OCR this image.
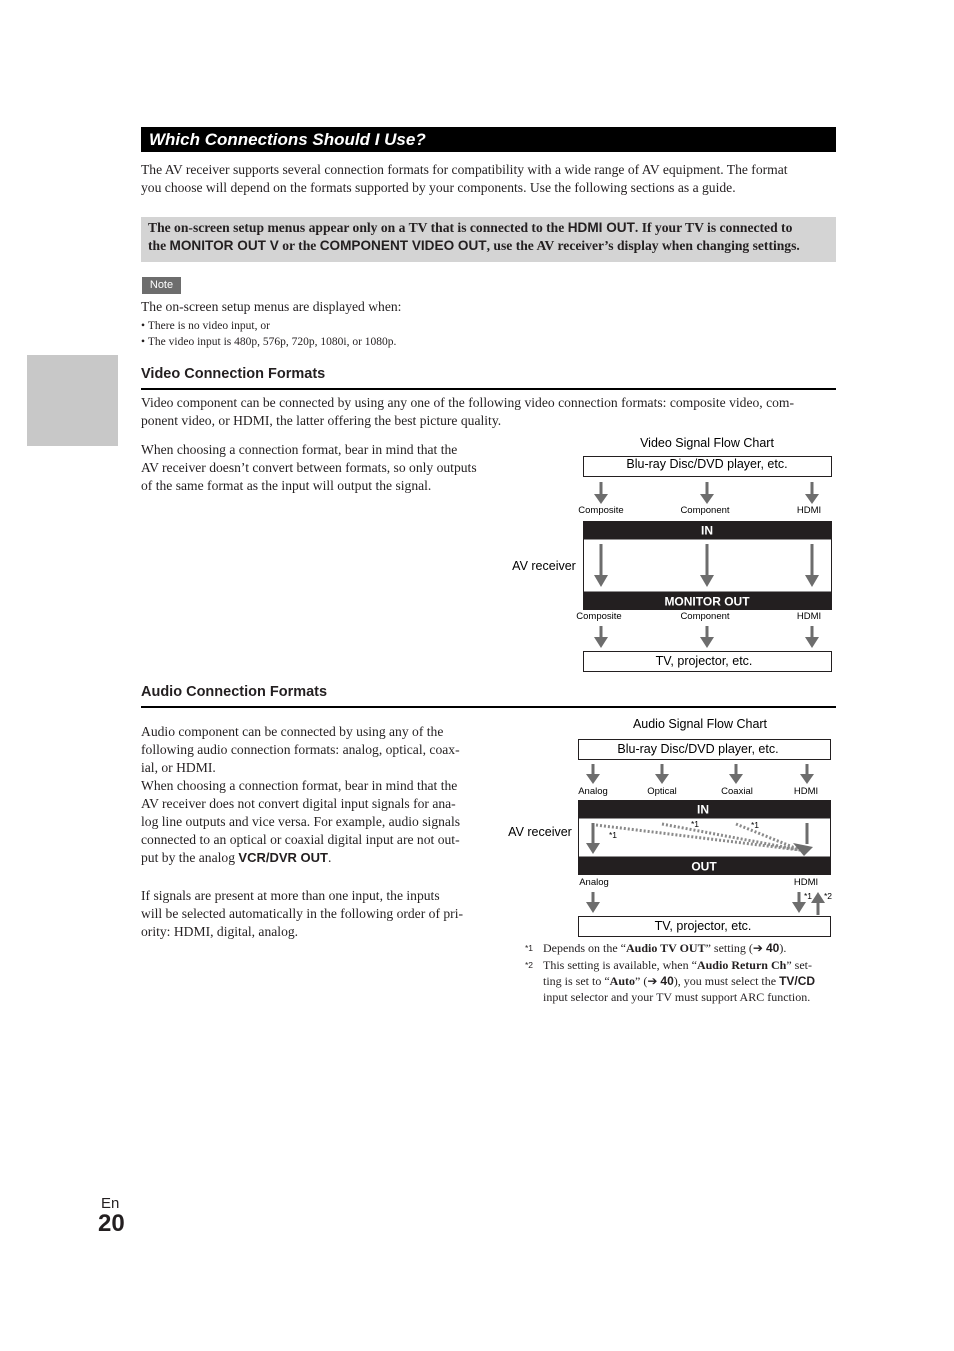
Which Connections Should I Use?
The AV receiver supports several connection formats for compatibility with a wide range of AV equipment. The format
you choose will depend on the formats supported by your components. Use the following sections as a guide.
The on-screen setup menus appear only on a TV that is connected to the HDMI OUT. If your TV is connected to
the MONITOR OUT V or the COMPONENT VIDEO OUT, use the AV receiver’s display when changing settings.
Note
The on-screen setup menus are displayed when:
• There is no video input, or
• The video input is 480p, 576p, 720p, 1080i, or 1080p.
Video Connection Formats
Video component can be connected by using any one of the following video connection formats: composite video, com-
ponent video, or HDMI, the latter offering the best picture quality.
When choosing a connection format, bear in mind that the
AV receiver doesn’t convert between formats, so only outputs
of the same format as the input will output the signal.
Video Signal Flow Chart
Blu-ray Disc/DVD player, etc.
Composite	Component	HDMI
IN
AV receiver
MONITOR OUT
Composite	Component	HDMI
TV, projector, etc.
Audio Connection Formats
Audio component can be connected by using any of the
following audio connection formats: analog, optical, coax-
ial, or HDMI.
When choosing a connection format, bear in mind that the
AV receiver does not convert digital input signals for ana-
log line outputs and vice versa. For example, audio signals
connected to an optical or coaxial digital input are not out-
put by the analog VCR/DVR OUT.
If signals are present at more than one input, the inputs
will be selected automatically in the following order of pri-
ority: HDMI, digital, analog.
Audio Signal Flow Chart
Blu-ray Disc/DVD player, etc.
Analog	Optical	Coaxial	HDMI
IN
AV receiver	*1
*1	*1
OUT
Analog	HDMI
*1 *2
TV, projector, etc.
$^{*1}$ Depends on the “Audio TV OUT” setting (➔ 40).
$^{*2}$ This setting is available, when “Audio Return Ch” set-
ting is set to “Auto” (➔ 40), you must select the TV/CD
input selector and your TV must support ARC function.
En
20
